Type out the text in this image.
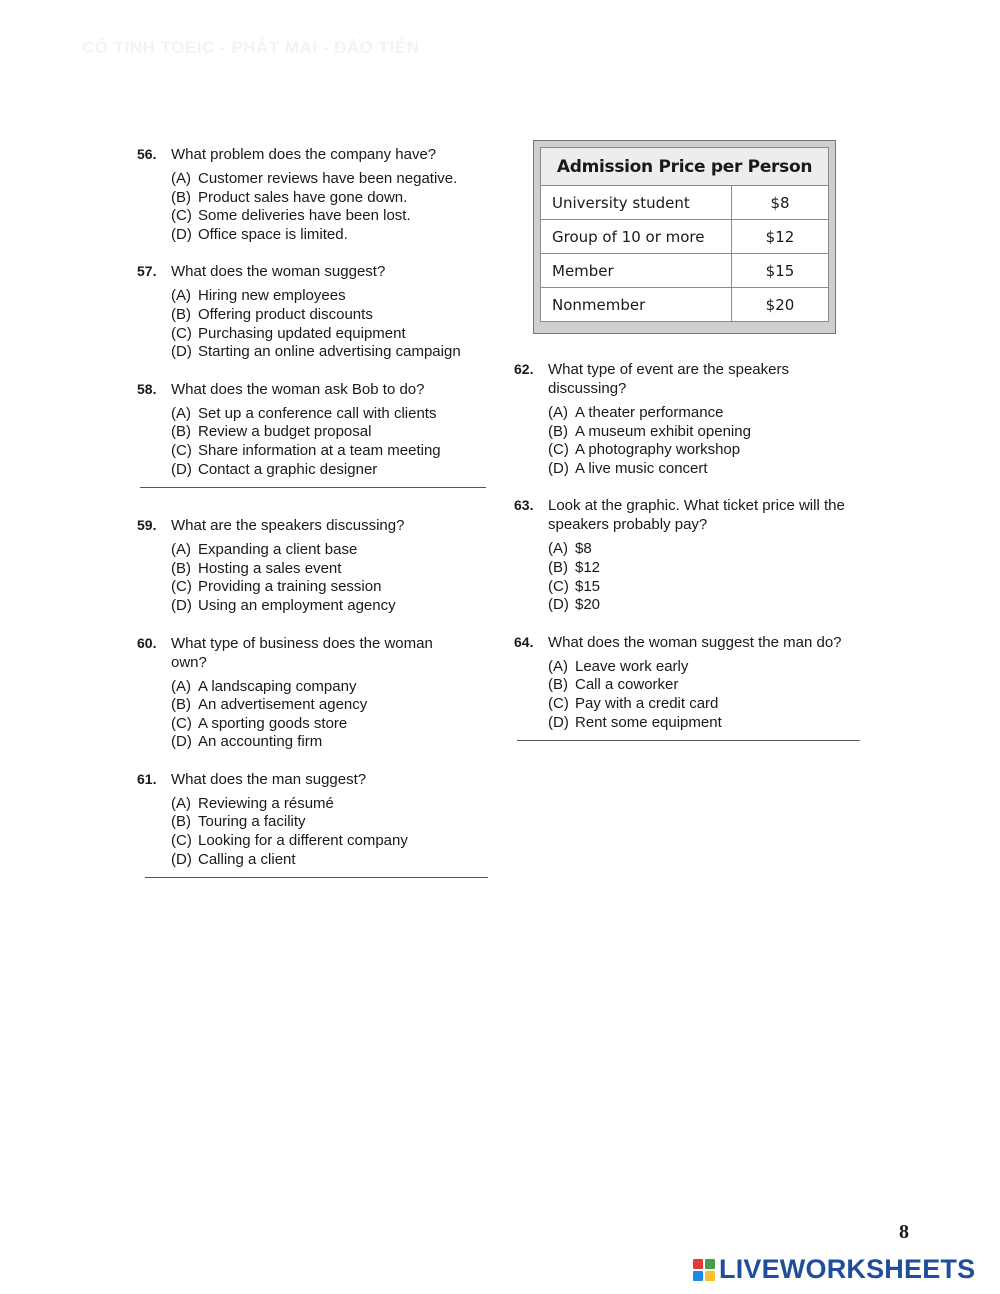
CÔ TINH TOEIC - PHÁT MAI - ĐÀO TIÊN
56. What problem does the company have?
(A) Customer reviews have been negative.
(B) Product sales have gone down.
(C) Some deliveries have been lost.
(D) Office space is limited.
57. What does the woman suggest?
(A) Hiring new employees
(B) Offering product discounts
(C) Purchasing updated equipment
(D) Starting an online advertising campaign
58. What does the woman ask Bob to do?
(A) Set up a conference call with clients
(B) Review a budget proposal
(C) Share information at a team meeting
(D) Contact a graphic designer
59. What are the speakers discussing?
(A) Expanding a client base
(B) Hosting a sales event
(C) Providing a training session
(D) Using an employment agency
60. What type of business does the woman own?
(A) A landscaping company
(B) An advertisement agency
(C) A sporting goods store
(D) An accounting firm
61. What does the man suggest?
(A) Reviewing a résumé
(B) Touring a facility
(C) Looking for a different company
(D) Calling a client
Admission Price per Person
University student	$8
Group of 10 or more	$12
Member	$15
Nonmember	$20
62. What type of event are the speakers discussing?
(A) A theater performance
(B) A museum exhibit opening
(C) A photography workshop
(D) A live music concert
63. Look at the graphic. What ticket price will the speakers probably pay?
(A) $8
(B) $12
(C) $15
(D) $20
64. What does the woman suggest the man do?
(A) Leave work early
(B) Call a coworker
(C) Pay with a credit card
(D) Rent some equipment
8
LIVEWORKSHEETS
